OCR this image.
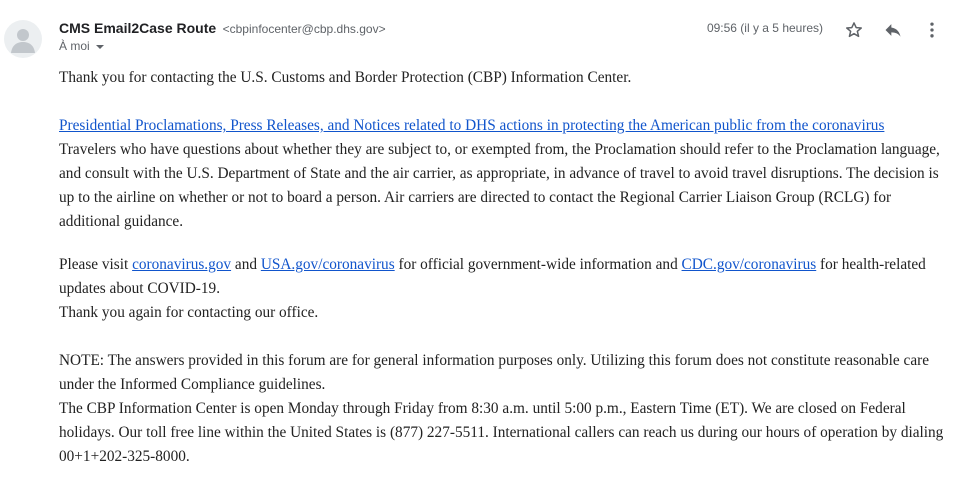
CMS Email2Case Route <cbpinfocenter@cbp.dhs.gov>
À moi
09:56 (il y a 5 heures)

Thank you for contacting the U.S. Customs and Border Protection (CBP) Information Center.

Presidential Proclamations, Press Releases, and Notices related to DHS actions in protecting the American public from the coronavirus

Travelers who have questions about whether they are subject to, or exempted from, the Proclamation should refer to the Proclamation language, and consult with the U.S. Department of State and the air carrier, as appropriate, in advance of travel to avoid travel disruptions. The decision is up to the airline on whether or not to board a person. Air carriers are directed to contact the Regional Carrier Liaison Group (RCLG) for additional guidance.

Please visit coronavirus.gov and USA.gov/coronavirus for official government-wide information and CDC.gov/coronavirus for health-related updates about COVID-19.

Thank you again for contacting our office.

NOTE: The answers provided in this forum are for general information purposes only. Utilizing this forum does not constitute reasonable care under the Informed Compliance guidelines.

The CBP Information Center is open Monday through Friday from 8:30 a.m. until 5:00 p.m., Eastern Time (ET). We are closed on Federal holidays. Our toll free line within the United States is (877) 227-5511. International callers can reach us during our hours of operation by dialing 00+1+202-325-8000.
